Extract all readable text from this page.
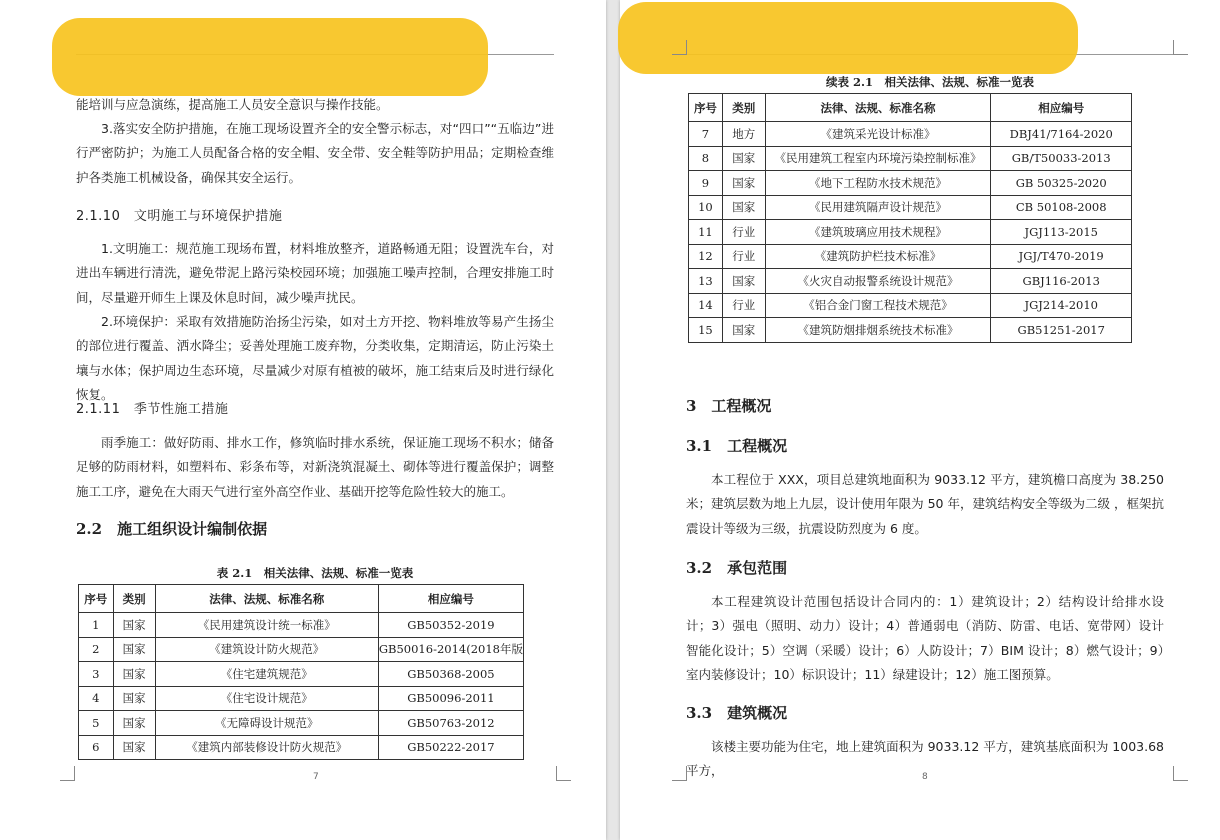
能培训与应急演练，提高施工人员安全意识与操作技能。

3.落实安全防护措施，在施工现场设置齐全的安全警示标志，对“四口”“五临边”进行严密防护；为施工人员配备合格的安全帽、安全带、安全鞋等防护用品；定期检查维护各类施工机械设备，确保其安全运行。

2.1.10　文明施工与环境保护措施

1.文明施工：规范施工现场布置，材料堆放整齐，道路畅通无阻；设置洗车台，对进出车辆进行清洗，避免带泥上路污染校园环境；加强施工噪声控制，合理安排施工时间，尽量避开师生上课及休息时间，减少噪声扰民。

2.环境保护：采取有效措施防治扬尘污染，如对土方开挖、物料堆放等易产生扬尘的部位进行覆盖、洒水降尘；妥善处理施工废弃物，分类收集，定期清运，防止污染土壤与水体；保护周边生态环境，尽量减少对原有植被的破坏，施工结束后及时进行绿化恢复。

2.1.11　季节性施工措施

雨季施工：做好防雨、排水工作，修筑临时排水系统，保证施工现场不积水；储备足够的防雨材料，如塑料布、彩条布等，对新浇筑混凝土、砌体等进行覆盖保护；调整施工工序，避免在大雨天气进行室外高空作业、基础开挖等危险性较大的施工。

2.2　施工组织设计编制依据

表 2.1　相关法律、法规、标准一览表

序号	类别	法律、法规、标准名称	相应编号
1	国家	《民用建筑设计统一标准》	GB50352-2019
2	国家	《建筑设计防火规范》	GB50016-2014(2018年版
3	国家	《住宅建筑规范》	GB50368-2005
4	国家	《住宅设计规范》	GB50096-2011
5	国家	《无障碍设计规范》	GB50763-2012
6	国家	《建筑内部装修设计防火规范》	GB50222-2017
7

续表 2.1　相关法律、法规、标准一览表

序号	类别	法律、法规、标准名称	相应编号
7	地方	《建筑采光设计标准》	DBJ41/7164-2020
8	国家	《民用建筑工程室内环境污染控制标准》	GB/T50033-2013
9	国家	《地下工程防水技术规范》	GB 50325-2020
10	国家	《民用建筑隔声设计规范》	CB 50108-2008
11	行业	《建筑玻璃应用技术规程》	JGJ113-2015
12	行业	《建筑防护栏技术标准》	JGJ/T470-2019
13	国家	《火灾自动报警系统设计规范》	GBJ116-2013
14	行业	《铝合金门窗工程技术规范》	JGJ214-2010
15	国家	《建筑防烟排烟系统技术标准》	GB51251-2017

3　工程概况

3.1　工程概况

本工程位于 XXX，项目总建筑地面积为 9033.12 平方，建筑檐口高度为 38.250 米；建筑层数为地上九层，设计使用年限为 50 年，建筑结构安全等级为二级 ，框架抗震设计等级为三级，抗震设防烈度为 6 度。

3.2　承包范围

本工程建筑设计范围包括设计合同内的：1）建筑设计；2）结构设计给排水设计；3）强电（照明、动力）设计；4）普通弱电（消防、防雷、电话、宽带网）设计智能化设计；5）空调（采暖）设计；6）人防设计；7）BIM 设计；8）燃气设计；9）室内装修设计；10）标识设计；11）绿建设计；12）施工图预算。

3.3　建筑概况

该楼主要功能为住宅，地上建筑面积为 9033.12 平方，建筑基底面积为 1003.68 平方，	8
